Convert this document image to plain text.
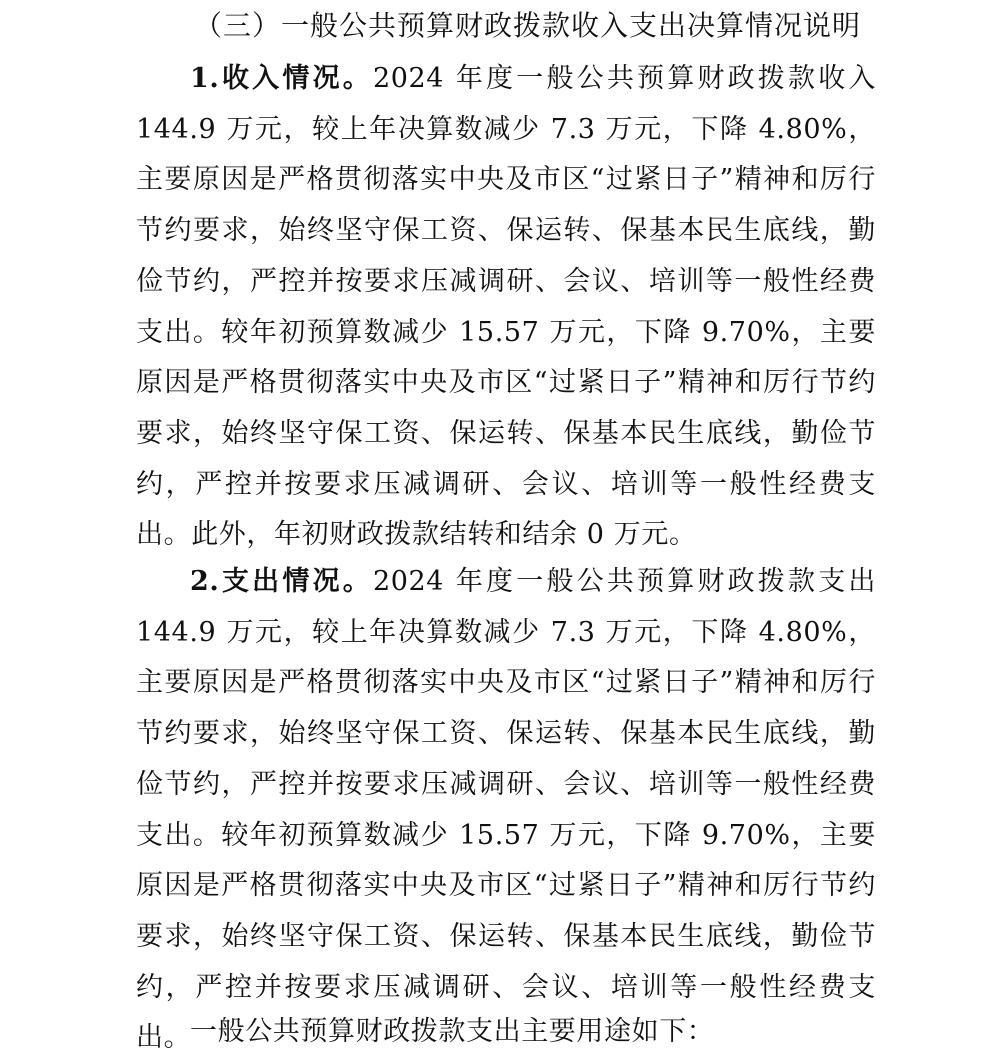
（三）一般公共预算财政拨款收入支出决算情况说明

1.收入情况。2024 年度一般公共预算财政拨款收入 144.9 万元，较上年决算数减少 7.3 万元，下降 4.80%，主要原因是严格贯彻落实中央及市区“过紧日子”精神和厉行节约要求，始终坚守保工资、保运转、保基本民生底线，勤俭节约，严控并按要求压减调研、会议、培训等一般性经费支出。较年初预算数减少 15.57 万元，下降 9.70%，主要原因是严格贯彻落实中央及市区“过紧日子”精神和厉行节约要求，始终坚守保工资、保运转、保基本民生底线，勤俭节约，严控并按要求压减调研、会议、培训等一般性经费支出。此外，年初财政拨款结转和结余 0 万元。

2.支出情况。2024 年度一般公共预算财政拨款支出 144.9 万元，较上年决算数减少 7.3 万元，下降 4.80%，主要原因是严格贯彻落实中央及市区“过紧日子”精神和厉行节约要求，始终坚守保工资、保运转、保基本民生底线，勤俭节约，严控并按要求压减调研、会议、培训等一般性经费支出。较年初预算数减少 15.57 万元，下降 9.70%，主要原因是严格贯彻落实中央及市区“过紧日子”精神和厉行节约要求，始终坚守保工资、保运转、保基本民生底线，勤俭节约，严控并按要求压减调研、会议、培训等一般性经费支出。

一般公共预算财政拨款支出主要用途如下：
